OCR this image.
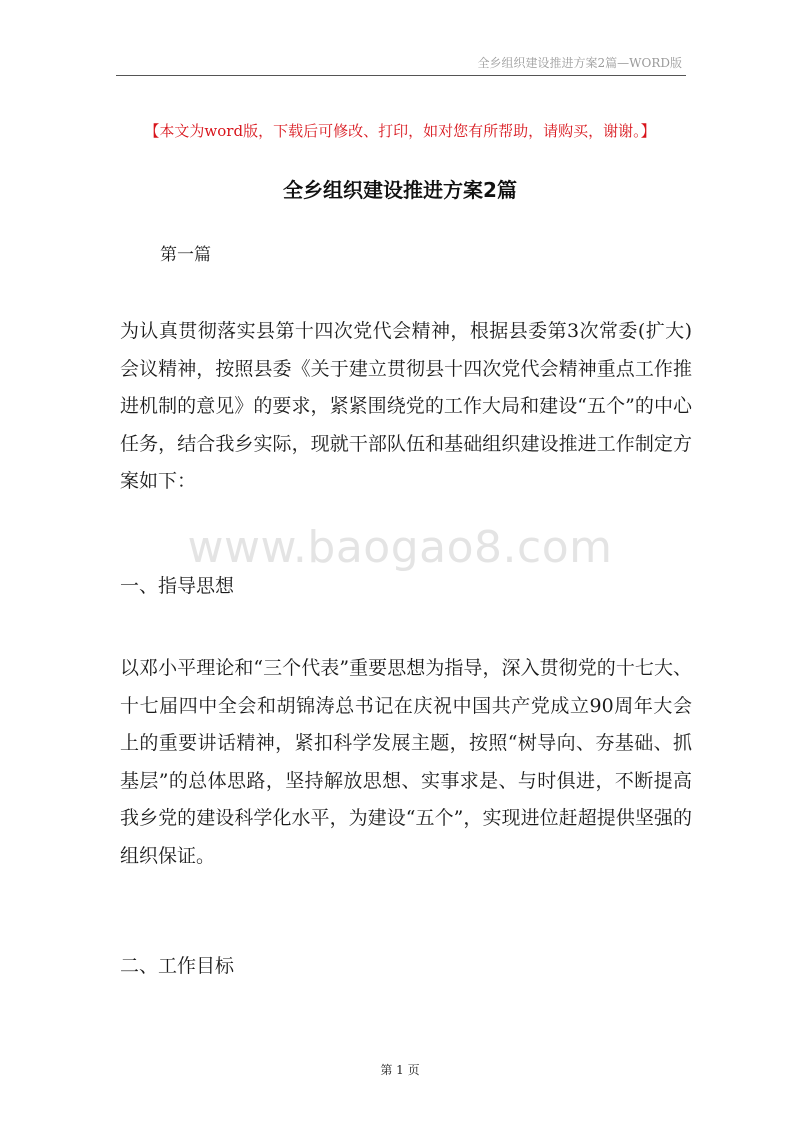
全乡组织建设推进方案2篇—WORD版
【本文为word版，下载后可修改、打印，如对您有所帮助，请购买，谢谢。】
全乡组织建设推进方案2篇
第一篇

为认真贯彻落实县第十四次党代会精神，根据县委第3次常委(扩大)会议精神，按照县委《关于建立贯彻县十四次党代会精神重点工作推进机制的意见》的要求，紧紧围绕党的工作大局和建设“五个”的中心任务，结合我乡实际，现就干部队伍和基础组织建设推进工作制定方案如下：

www.baogao8.com
一、指导思想

以邓小平理论和“三个代表”重要思想为指导，深入贯彻党的十七大、十七届四中全会和胡锦涛总书记在庆祝中国共产党成立90周年大会上的重要讲话精神，紧扣科学发展主题，按照“树导向、夯基础、抓基层”的总体思路，坚持解放思想、实事求是、与时俱进，不断提高我乡党的建设科学化水平，为建设“五个”，实现进位赶超提供坚强的组织保证。

二、工作目标
第 1 页
